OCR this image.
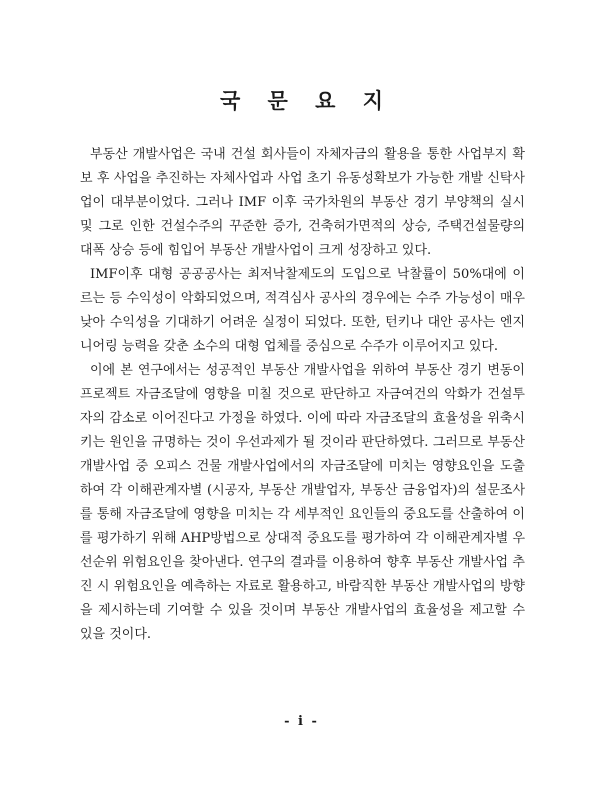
국 문 요 지

부동산 개발사업은 국내 건설 회사들이 자체자금의 활용을 통한 사업부지 확보 후 사업을 추진하는 자체사업과 사업 초기 유동성확보가 가능한 개발 신탁사업이 대부분이었다. 그러나 IMF 이후 국가차원의 부동산 경기 부양책의 실시 및 그로 인한 건설수주의 꾸준한 증가, 건축허가면적의 상승, 주택건설물량의 대폭 상승 등에 힘입어 부동산 개발사업이 크게 성장하고 있다.

IMF이후 대형 공공공사는 최저낙찰제도의 도입으로 낙찰률이 50%대에 이르는 등 수익성이 악화되었으며, 적격심사 공사의 경우에는 수주 가능성이 매우 낮아 수익성을 기대하기 어려운 실정이 되었다. 또한, 턴키나 대안 공사는 엔지니어링 능력을 갖춘 소수의 대형 업체를 중심으로 수주가 이루어지고 있다.

이에 본 연구에서는 성공적인 부동산 개발사업을 위하여 부동산 경기 변동이 프로젝트 자금조달에 영향을 미칠 것으로 판단하고 자금여건의 악화가 건설투자의 감소로 이어진다고 가정을 하였다. 이에 따라 자금조달의 효율성을 위축시키는 원인을 규명하는 것이 우선과제가 될 것이라 판단하였다. 그러므로 부동산 개발사업 중 오피스 건물 개발사업에서의 자금조달에 미치는 영향요인을 도출하여 각 이해관계자별 (시공자, 부동산 개발업자, 부동산 금융업자)의 설문조사를 통해 자금조달에 영향을 미치는 각 세부적인 요인들의 중요도를 산출하여 이를 평가하기 위해 AHP방법으로 상대적 중요도를 평가하여 각 이해관계자별 우선순위 위험요인을 찾아낸다. 연구의 결과를 이용하여 향후 부동산 개발사업 추진 시 위험요인을 예측하는 자료로 활용하고, 바람직한 부동산 개발사업의 방향을 제시하는데 기여할 수 있을 것이며 부동산 개발사업의 효율성을 제고할 수 있을 것이다.

- i -
